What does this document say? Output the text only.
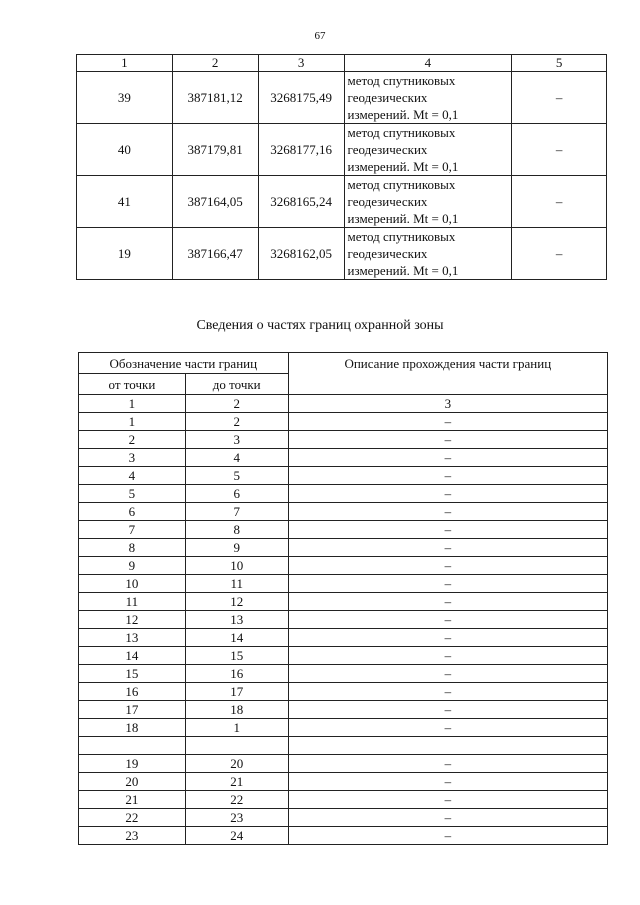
67
1	2	3	4	5
39	387181,12	3268175,49	метод спутниковых
геодезических
измерений. Mt = 0,1	–
40	387179,81	3268177,16	метод спутниковых
геодезических
измерений. Mt = 0,1	–
41	387164,05	3268165,24	метод спутниковых
геодезических
измерений. Mt = 0,1	–
19	387166,47	3268162,05	метод спутниковых
геодезических
измерений. Mt = 0,1	–
Сведения о частях границ охранной зоны
Обозначение части границ		Описание прохождения части границ
от точки	до точки	
1	2	3
1	2	–
2	3	–
3	4	–
4	5	–
5	6	–
6	7	–
7	8	–
8	9	–
9	10	–
10	11	–
11	12	–
12	13	–
13	14	–
14	15	–
15	16	–
16	17	–
17	18	–
18	1	–

19	20	–
20	21	–
21	22	–
22	23	–
23	24	–
